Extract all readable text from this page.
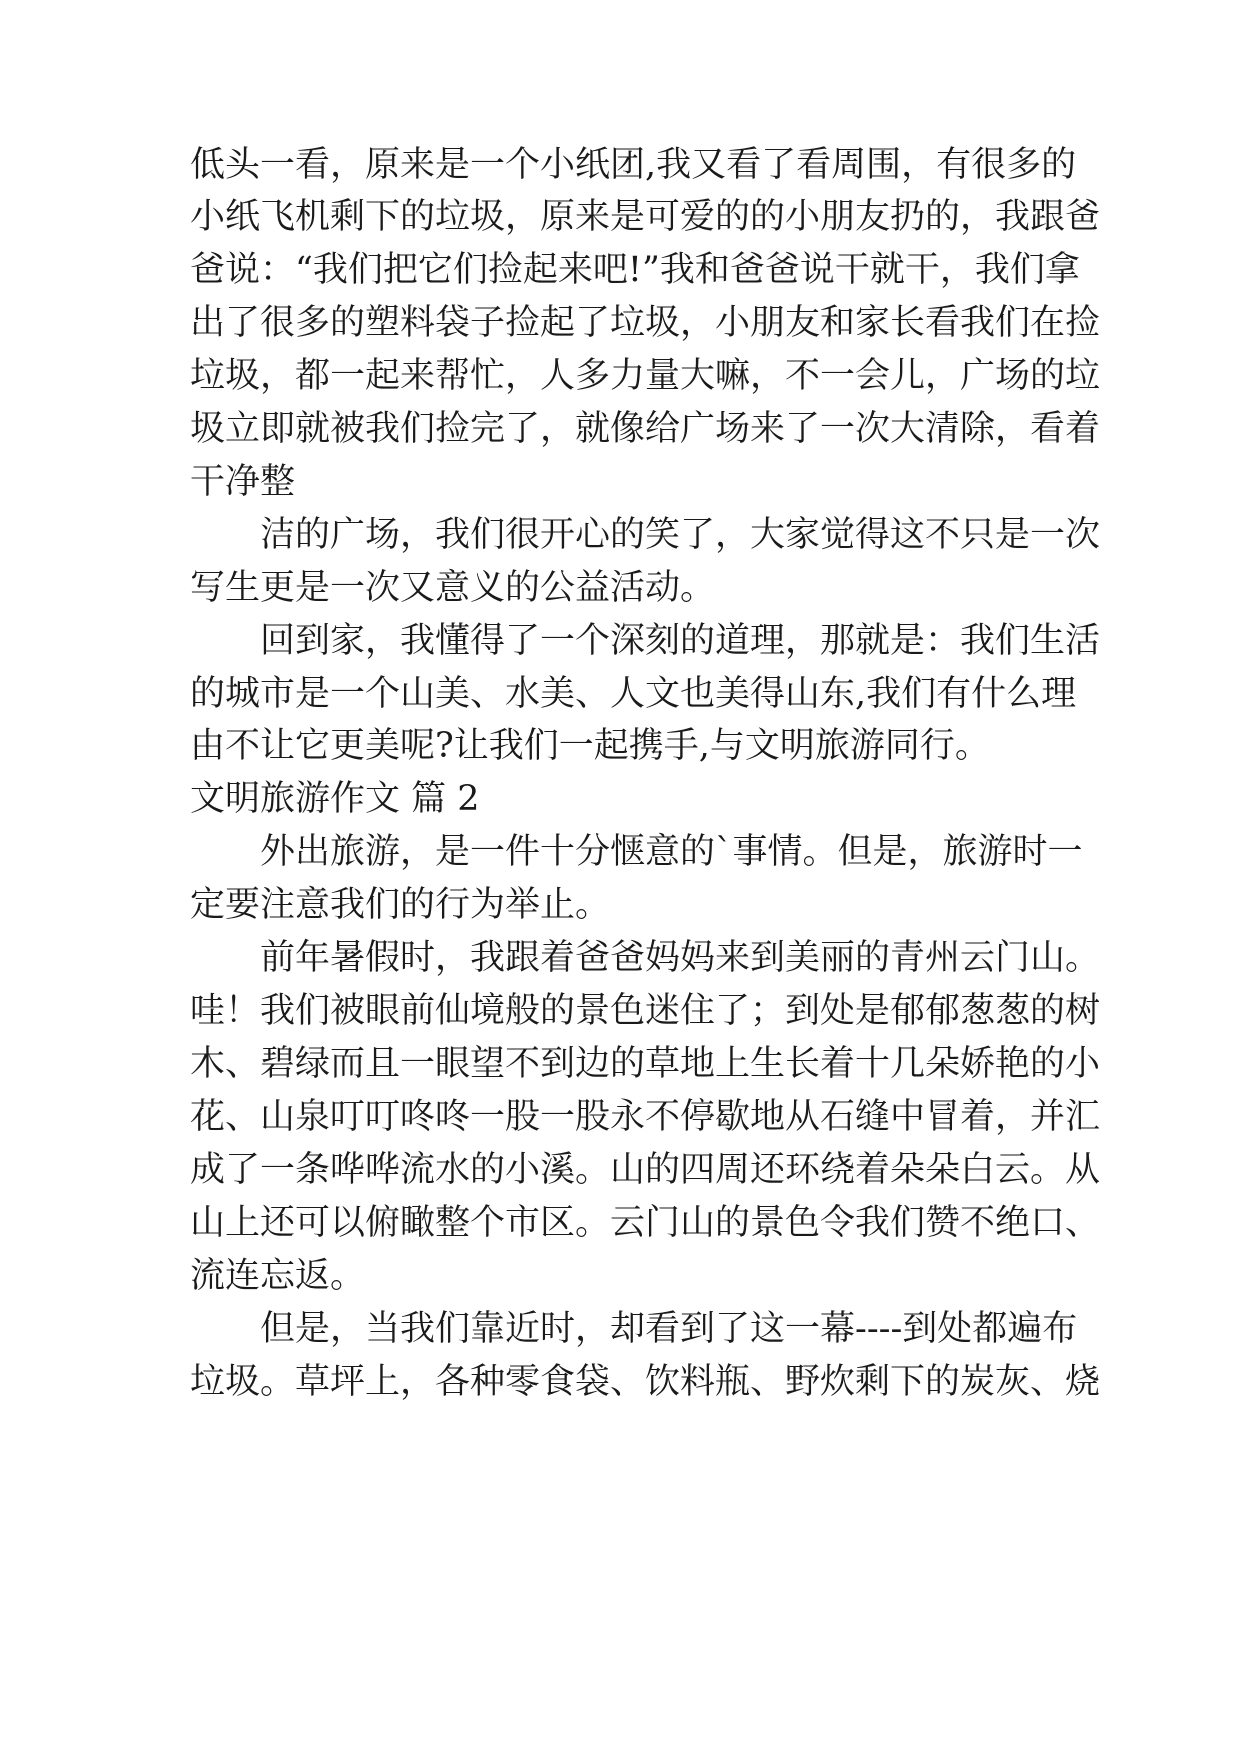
低头一看，原来是一个小纸团,我又看了看周围，有很多的
小纸飞机剩下的垃圾，原来是可爱的的小朋友扔的，我跟爸
爸说：“我们把它们捡起来吧!”我和爸爸说干就干，我们拿
出了很多的塑料袋子捡起了垃圾，小朋友和家长看我们在捡
垃圾，都一起来帮忙，人多力量大嘛，不一会儿，广场的垃
圾立即就被我们捡完了，就像给广场来了一次大清除，看着
干净整
洁的广场，我们很开心的笑了，大家觉得这不只是一次
写生更是一次又意义的公益活动。
回到家，我懂得了一个深刻的道理，那就是：我们生活
的城市是一个山美、水美、人文也美得山东,我们有什么理
由不让它更美呢?让我们一起携手,与文明旅游同行。
文明旅游作文 篇 2
外出旅游，是一件十分惬意的`事情。但是，旅游时一
定要注意我们的行为举止。
前年暑假时，我跟着爸爸妈妈来到美丽的青州云门山。
哇！我们被眼前仙境般的景色迷住了；到处是郁郁葱葱的树
木、碧绿而且一眼望不到边的草地上生长着十几朵娇艳的小
花、山泉叮叮咚咚一股一股永不停歇地从石缝中冒着，并汇
成了一条哗哗流水的小溪。山的四周还环绕着朵朵白云。从
山上还可以俯瞰整个市区。云门山的景色令我们赞不绝口、
流连忘返。
但是，当我们靠近时，却看到了这一幕----到处都遍布
垃圾。草坪上，各种零食袋、饮料瓶、野炊剩下的炭灰、烧
